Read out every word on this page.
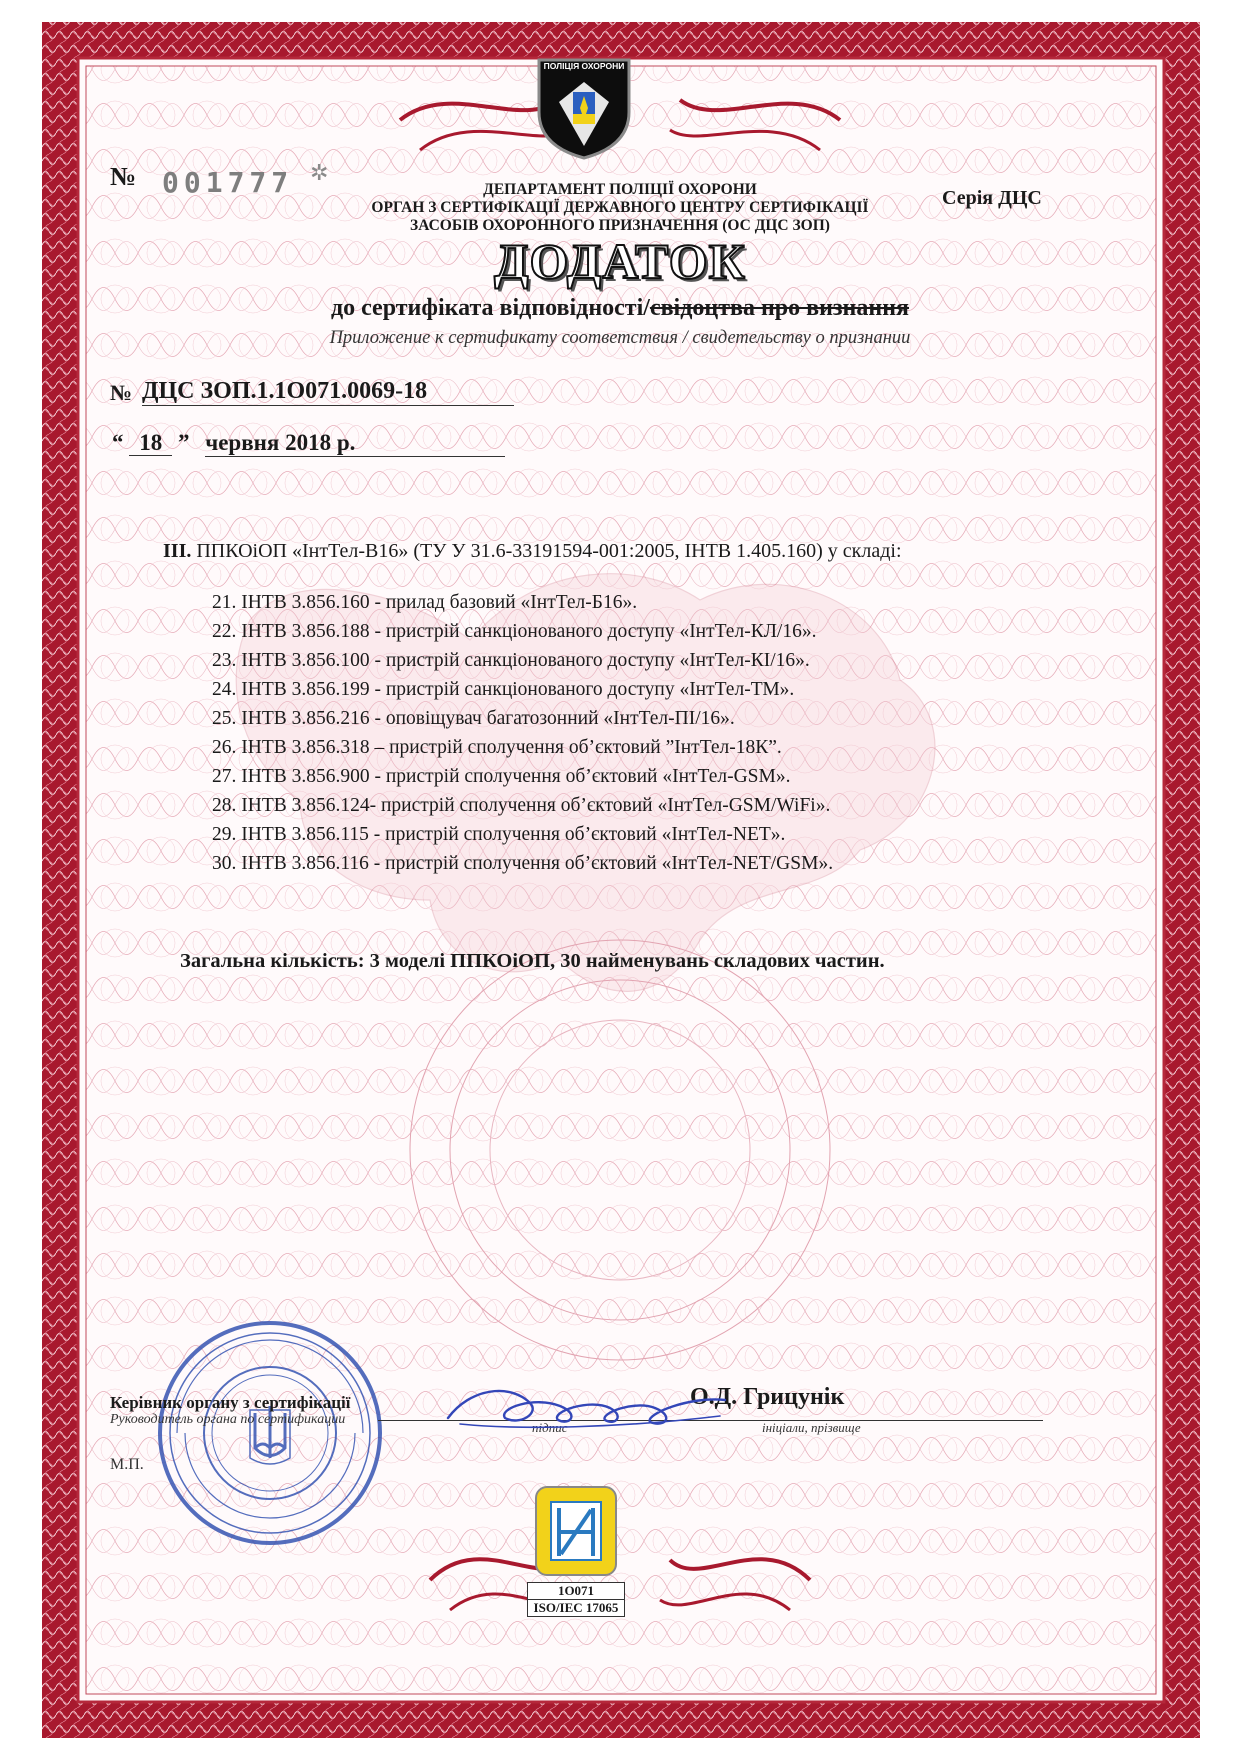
ПОЛІЦІЯ ОХОРОНИ
№ 001777 ✲
ДЕПАРТАМЕНТ ПОЛІЦІЇ ОХОРОНИ
ОРГАН З СЕРТИФІКАЦІЇ ДЕРЖАВНОГО ЦЕНТРУ СЕРТИФІКАЦІЇ
ЗАСОБІВ ОХОРОННОГО ПРИЗНАЧЕННЯ (ОС ДЦС ЗОП)
Серія ДЦС
ДОДАТОК
до сертифіката відповідності/свідоцтва про визнання
Приложение к сертификату соответствия / свидетельству о признании
№ ДЦС ЗОП.1.1О071.0069-18
“ 18 ” червня 2018 р.
ІІІ. ППКОіОП «ІнтТел-В16» (ТУ У 31.6-33191594-001:2005, ІНТВ 1.405.160) у складі:
21. ІНТВ 3.856.160 - прилад базовий «ІнтТел-Б16».
22. ІНТВ 3.856.188 - пристрій санкціонованого доступу «ІнтТел-КЛ/16».
23. ІНТВ 3.856.100 - пристрій санкціонованого доступу «ІнтТел-КІ/16».
24. ІНТВ 3.856.199 - пристрій санкціонованого доступу «ІнтТел-ТМ».
25. ІНТВ 3.856.216 - оповіщувач багатозонний «ІнтТел-ПІ/16».
26. ІНТВ 3.856.318 – пристрій сполучення об’єктовий ”ІнтТел-18К”.
27. ІНТВ 3.856.900 - пристрій сполучення об’єктовий «ІнтТел-GSM».
28. ІНТВ 3.856.124- пристрій сполучення об’єктовий «ІнтТел-GSM/WiFi».
29. ІНТВ 3.856.115 - пристрій сполучення об’єктовий «ІнтТел-NET».
30. ІНТВ 3.856.116 - пристрій сполучення об’єктовий «ІнтТел-NET/GSM».
Загальна кількість: 3 моделі ППКОіОП, 30 найменувань складових частин.
Керівник органу з сертифікації
Руководитель органа по сертификации
підпис
О.Д. Грицунік
ініціали, прізвище
М.П.
1О071
ISO/IEC 17065
